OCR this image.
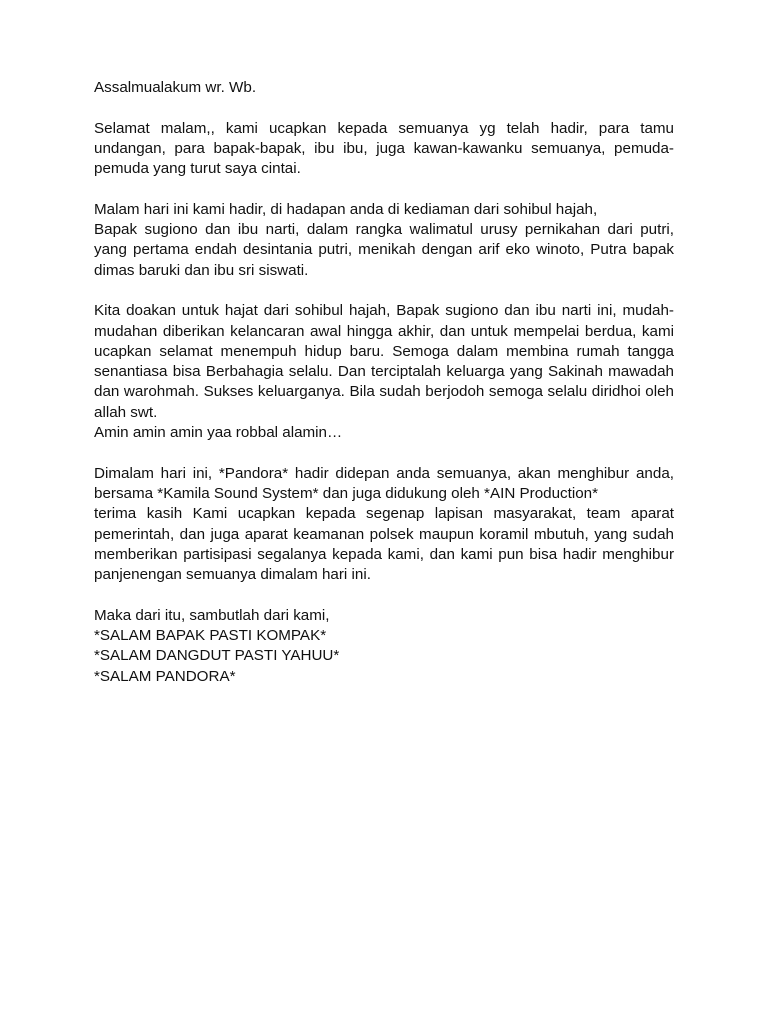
Assalmualakum wr. Wb.

Selamat malam,, kami ucapkan kepada semuanya yg telah hadir, para tamu undangan, para bapak-bapak, ibu ibu, juga kawan-kawanku semuanya, pemuda-pemuda yang turut saya cintai.

Malam hari ini kami hadir, di hadapan anda di kediaman dari sohibul hajah,
Bapak sugiono dan ibu narti, dalam rangka walimatul urusy pernikahan dari putri, yang pertama endah desintania putri, menikah dengan arif eko winoto, Putra bapak dimas baruki dan ibu sri siswati.
Kita doakan untuk hajat dari sohibul hajah, Bapak sugiono dan ibu narti ini, mudah-mudahan diberikan kelancaran awal hingga akhir, dan untuk mempelai berdua, kami ucapkan selamat menempuh hidup baru. Semoga dalam membina rumah tangga senantiasa bisa Berbahagia selalu. Dan terciptalah keluarga yang Sakinah mawadah dan warohmah. Sukses keluarganya. Bila sudah berjodoh semoga selalu diridhoi oleh allah swt.
Amin amin amin yaa robbal alamin…
Dimalam hari ini, *Pandora* hadir didepan anda semuanya, akan menghibur anda, bersama *Kamila Sound System* dan juga didukung oleh *AIN Production*
terima kasih Kami ucapkan kepada segenap lapisan masyarakat, team aparat pemerintah, dan juga aparat keamanan polsek maupun koramil mbutuh, yang sudah memberikan partisipasi segalanya kepada kami, dan kami pun bisa hadir menghibur panjenengan semuanya dimalam hari ini.
Maka dari itu, sambutlah dari kami,
*SALAM BAPAK PASTI KOMPAK*
*SALAM DANGDUT PASTI YAHUU*
*SALAM PANDORA*
